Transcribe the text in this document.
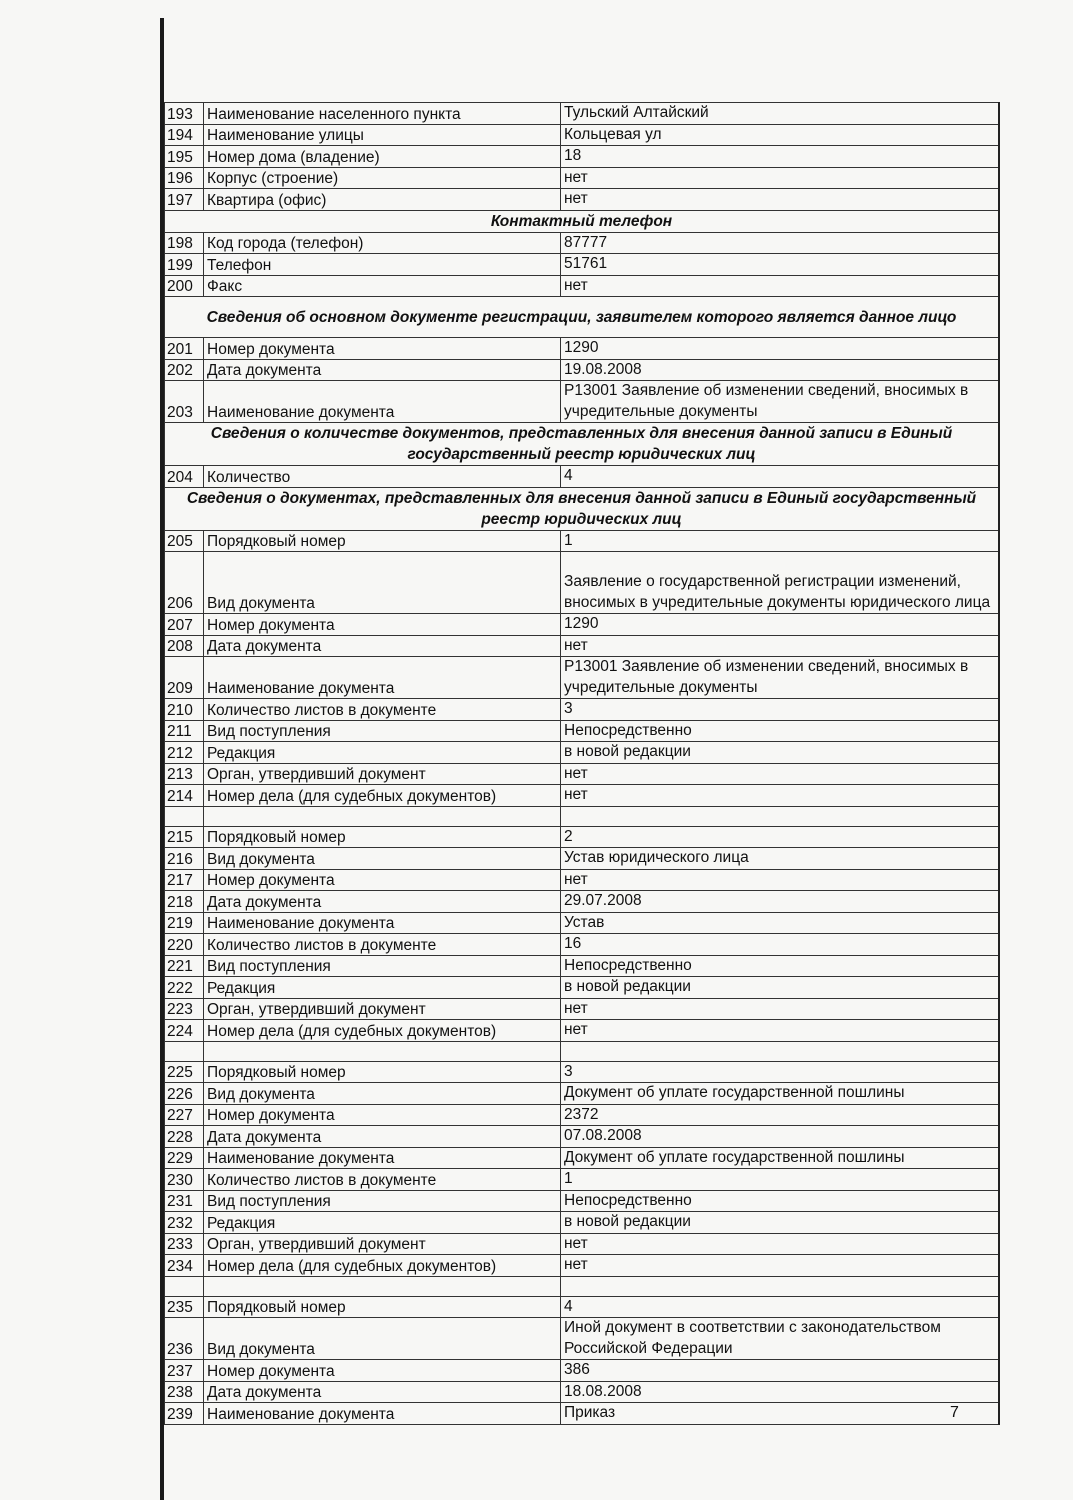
193	Наименование населенного пункта	Тульский Алтайский
194	Наименование улицы	Кольцевая ул
195	Номер дома (владение)	18
196	Корпус (строение)	нет
197	Квартира (офис)	нет
Контактный телефон		
198	Код города (телефон)	87777
199	Телефон	51761
200	Факс	нет
Сведения об основном документе регистрации, заявителем которого является данное лицо		
201	Номер документа	1290
202	Дата документа	19.08.2008
203	Наименование документа	Р13001 Заявление об изменении сведений, вносимых в учредительные документы
Сведения о количестве документов, представленных для внесения данной записи в Единый государственный реестр юридических лиц		
204	Количество	4
Сведения о документах, представленных для внесения данной записи в Единый государственный реестр юридических лиц		
205	Порядковый номер	1
206	Вид документа	Заявление о государственной регистрации изменений, вносимых в учредительные документы юридического лица
207	Номер документа	1290
208	Дата документа	нет
209	Наименование документа	Р13001 Заявление об изменении сведений, вносимых в учредительные документы
210	Количество листов в документе	3
211	Вид поступления	Непосредственно
212	Редакция	в новой редакции
213	Орган, утвердивший документ	нет
214	Номер дела (для судебных документов)	нет

215	Порядковый номер	2
216	Вид документа	Устав юридического лица
217	Номер документа	нет
218	Дата документа	29.07.2008
219	Наименование документа	Устав
220	Количество листов в документе	16
221	Вид поступления	Непосредственно
222	Редакция	в новой редакции
223	Орган, утвердивший документ	нет
224	Номер дела (для судебных документов)	нет

225	Порядковый номер	3
226	Вид документа	Документ об уплате государственной пошлины
227	Номер документа	2372
228	Дата документа	07.08.2008
229	Наименование документа	Документ об уплате государственной пошлины
230	Количество листов в документе	1
231	Вид поступления	Непосредственно
232	Редакция	в новой редакции
233	Орган, утвердивший документ	нет
234	Номер дела (для судебных документов)	нет

235	Порядковый номер	4
236	Вид документа	Иной документ в соответствии с законодательством Российской Федерации
237	Номер документа	386
238	Дата документа	18.08.2008
239	Наименование документа	Приказ	7
